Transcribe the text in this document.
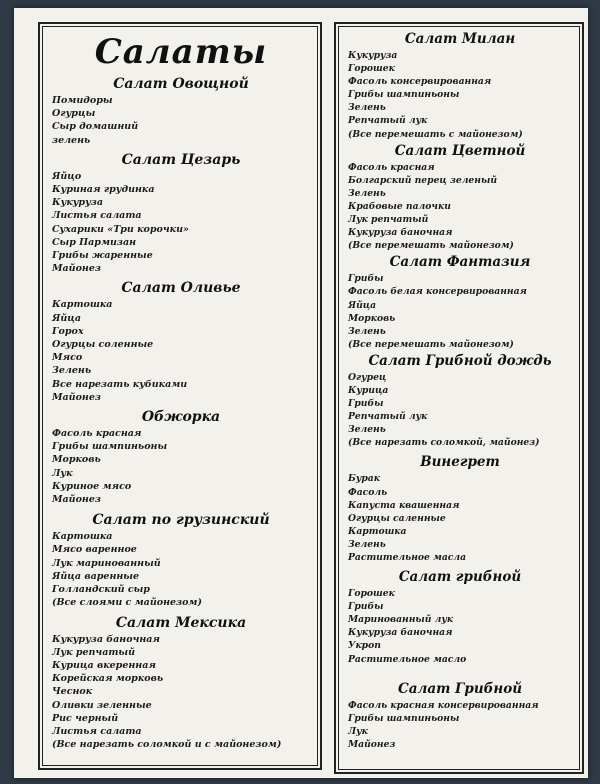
Салаты
Салат Овощной
Помидоры
Огурцы
Сыр домашний
зелень
Салат Цезарь
Яйцо
Куриная грудинка
Кукуруза
Листья салата
Сухарики «Три корочки»
Сыр Пармизан
Грибы жаренные
Майонез
Салат Оливье
Картошка
Яйца
Горох
Огурцы соленные
Мясо
Зелень
Все нарезать кубиками
Майонез
Обжорка
Фасоль красная
Грибы шампиньоны
Морковь
Лук
Куриное мясо
Майонез
Салат по грузинский
Картошка
Мясо варенное
Лук маринованный
Яйца варенные
Голландский сыр
(Все слоями с майонезом)
Салат Мексика
Кукуруза баночная
Лук репчатый
Курица вкеренная
Корейская морковь
Чеснок
Оливки зеленные
Рис черный
Листья салата
(Все нарезать соломкой и с майонезом)
Салат Милан
Кукуруза
Горошек
Фасоль консервированная
Грибы шампиньоны
Зелень
Репчатый лук
(Все перемешать с майонезом)
Салат Цветной
Фасоль красная
Болгарский перец зеленый
Зелень
Крабовые палочки
Лук репчатый
Кукуруза баночная
(Все перемешать майонезом)
Салат Фантазия
Грибы
Фасоль белая консервированная
Яйца
Морковь
Зелень
(Все перемешать майонезом)
Салат Грибной дождь
Огурец
Курица
Грибы
Репчатый лук
Зелень
(Все нарезать соломкой, майонез)
Винегрет
Бурак
Фасоль
Капуста квашенная
Огурцы саленные
Картошка
Зелень
Растительное масла
Салат грибной
Горошек
Грибы
Маринованный лук
Кукуруза баночная
Укроп
Растительное масло
Салат Грибной
Фасоль красная консервированная
Грибы шампиньоны
Лук
Майонез
